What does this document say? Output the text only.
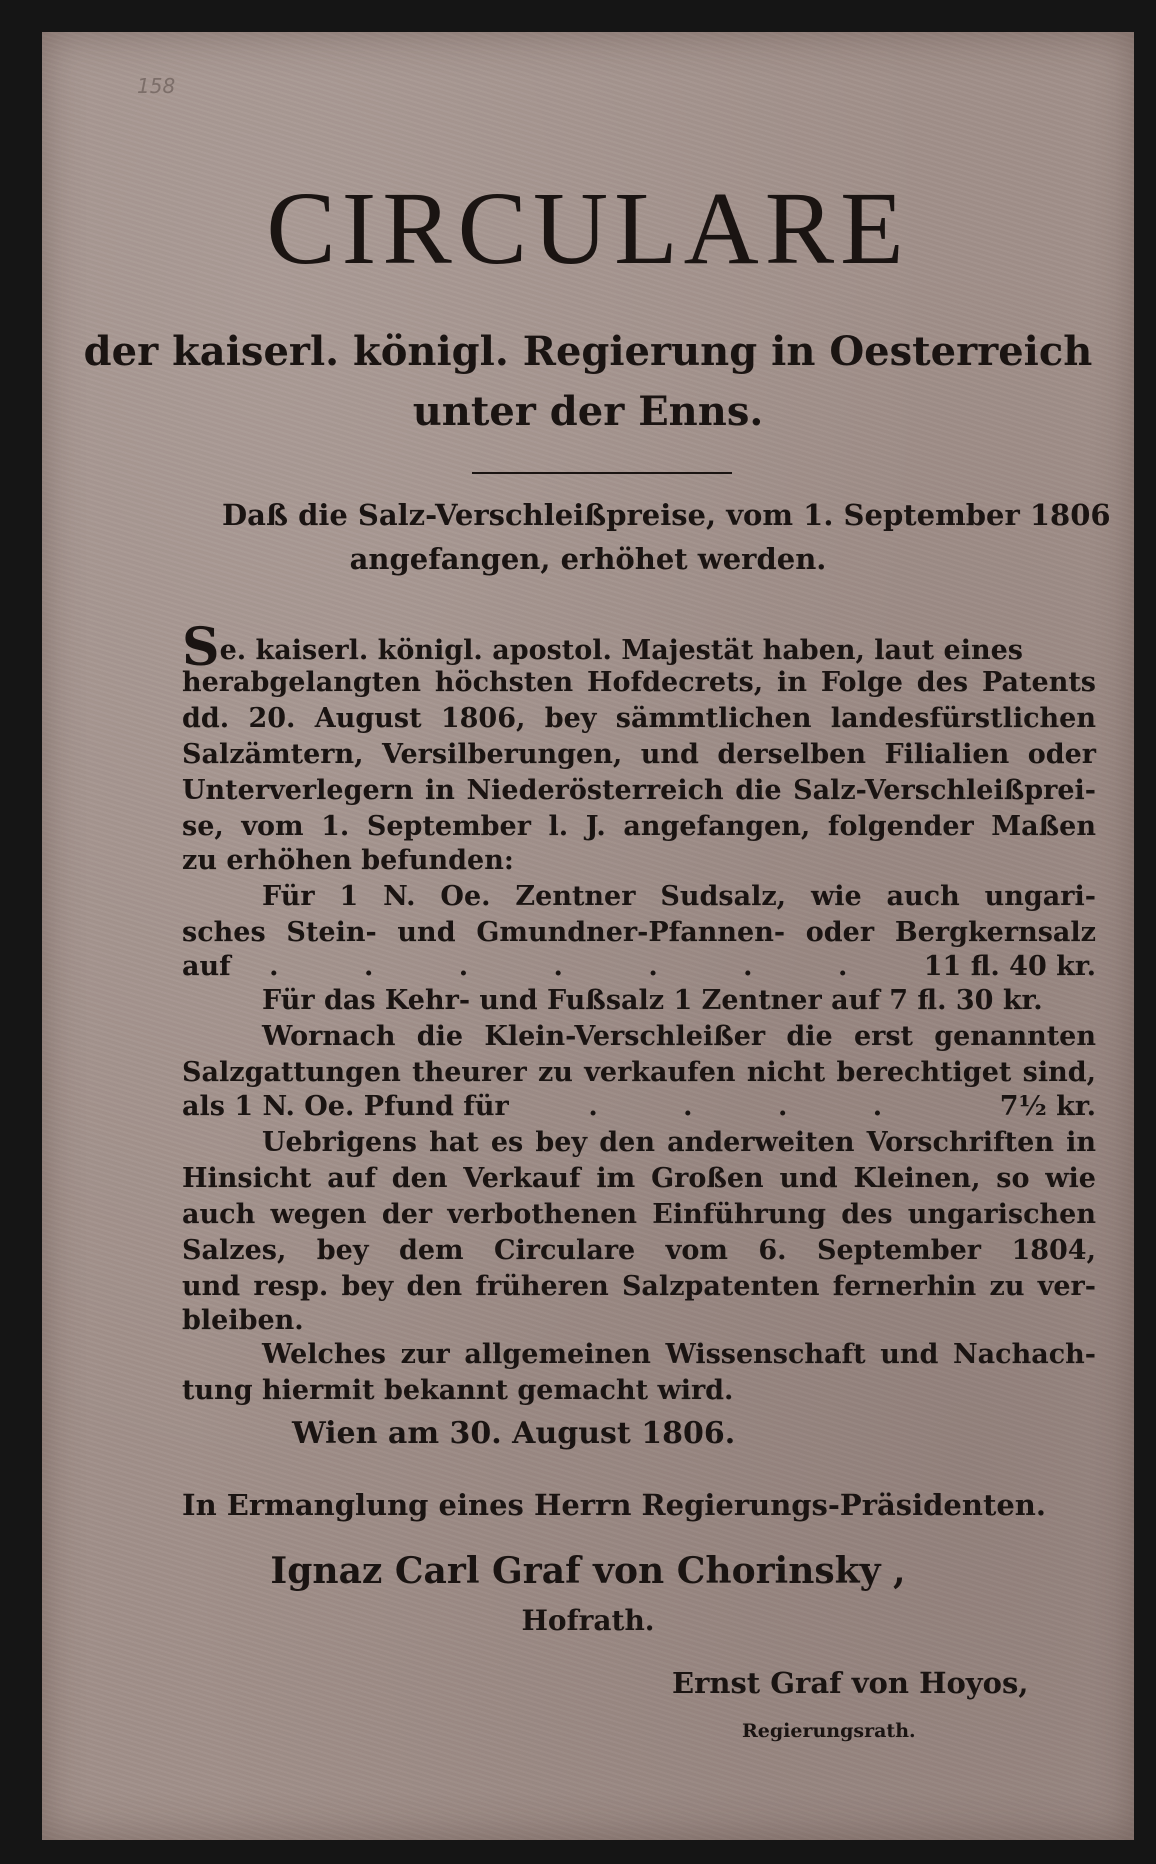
158
CIRCULARE
der kaiserl. königl. Regierung in Oesterreich
unter der Enns.
Daß die Salz-Verschleißpreise, vom 1. September 1806
angefangen, erhöhet werden.
Se. kaiserl. königl. apostol. Majestät haben, laut eines
herabgelangten höchsten Hofdecrets, in Folge des Patents
dd. 20. August 1806, bey sämmtlichen landesfürstlichen
Salzämtern, Versilberungen, und derselben Filialien oder
Unterverlegern in Niederösterreich die Salz-Verschleißprei-
se, vom 1. September l. J. angefangen, folgender Maßen
zu erhöhen befunden:
Für 1 N. Oe. Zentner Sudsalz, wie auch ungari-
sches Stein- und Gmundner-Pfannen- oder Bergkernsalz
auf	. . . . . . .	11 fl. 40 kr.
Für das Kehr- und Fußsalz 1 Zentner auf 7 fl. 30 kr.
Wornach die Klein-Verschleißer die erst genannten
Salzgattungen theurer zu verkaufen nicht berechtiget sind,
als 1 N. Oe. Pfund für	. . . .	7½ kr.
Uebrigens hat es bey den anderweiten Vorschriften in
Hinsicht auf den Verkauf im Großen und Kleinen, so wie
auch wegen der verbothenen Einführung des ungarischen
Salzes, bey dem Circulare vom 6. September 1804,
und resp. bey den früheren Salzpatenten fernerhin zu ver-
bleiben.
Welches zur allgemeinen Wissenschaft und Nachach-
tung hiermit bekannt gemacht wird.
Wien am 30. August 1806.
In Ermanglung eines Herrn Regierungs-Präsidenten.
Ignaz Carl Graf von Chorinsky ,
Hofrath.
Ernst Graf von Hoyos,
Regierungsrath.
